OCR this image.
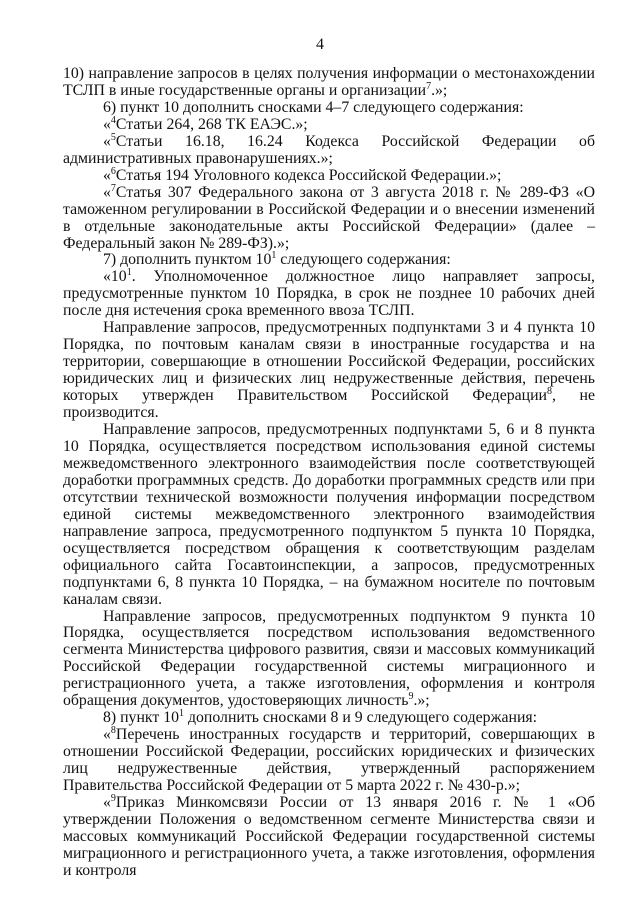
4

10) направление запросов в целях получения информации о местонахождении ТСЛП в иные государственные органы и организации$^7$.»;

6) пункт 10 дополнить сносками 4–7 следующего содержания:

«$^4$Статьи 264, 268 ТК ЕАЭС.»;

«$^5$Статьи 16.18, 16.24 Кодекса Российской Федерации об административных правонарушениях.»;

«$^6$Статья 194 Уголовного кодекса Российской Федерации.»;

«$^7$Статья 307 Федерального закона от 3 августа 2018 г. № 289-ФЗ «О таможенном регулировании в Российской Федерации и о внесении изменений в отдельные законодательные акты Российской Федерации» (далее – Федеральный закон № 289-ФЗ).»;

7) дополнить пунктом $10^1$ следующего содержания:

«$10^1$. Уполномоченное должностное лицо направляет запросы, предусмотренные пунктом 10 Порядка, в срок не позднее 10 рабочих дней после дня истечения срока временного ввоза ТСЛП.

Направление запросов, предусмотренных подпунктами 3 и 4 пункта 10 Порядка, по почтовым каналам связи в иностранные государства и на территории, совершающие в отношении Российской Федерации, российских юридических лиц и физических лиц недружественные действия, перечень которых утвержден Правительством Российской Федерации$^8$, не производится.

Направление запросов, предусмотренных подпунктами 5, 6 и 8 пункта 10 Порядка, осуществляется посредством использования единой системы межведомственного электронного взаимодействия после соответствующей доработки программных средств. До доработки программных средств или при отсутствии технической возможности получения информации посредством единой системы межведомственного электронного взаимодействия направление запроса, предусмотренного подпунктом 5 пункта 10 Порядка, осуществляется посредством обращения к соответствующим разделам официального сайта Госавтоинспекции, а запросов, предусмотренных подпунктами 6, 8 пункта 10 Порядка, – на бумажном носителе по почтовым каналам связи.

Направление запросов, предусмотренных подпунктом 9 пункта 10 Порядка, осуществляется посредством использования ведомственного сегмента Министерства цифрового развития, связи и массовых коммуникаций Российской Федерации государственной системы миграционного и регистрационного учета, а также изготовления, оформления и контроля обращения документов, удостоверяющих личность$^9$.»;

8) пункт $10^1$ дополнить сносками 8 и 9 следующего содержания:

«$^8$Перечень иностранных государств и территорий, совершающих в отношении Российской Федерации, российских юридических и физических лиц недружественные действия, утвержденный распоряжением Правительства Российской Федерации от 5 марта 2022 г. № 430-р.»;

«$^9$Приказ Минкомсвязи России от 13 января 2016 г. № 1 «Об утверждении Положения о ведомственном сегменте Министерства связи и массовых коммуникаций Российской Федерации государственной системы миграционного и регистрационного учета, а также изготовления, оформления и контроля
